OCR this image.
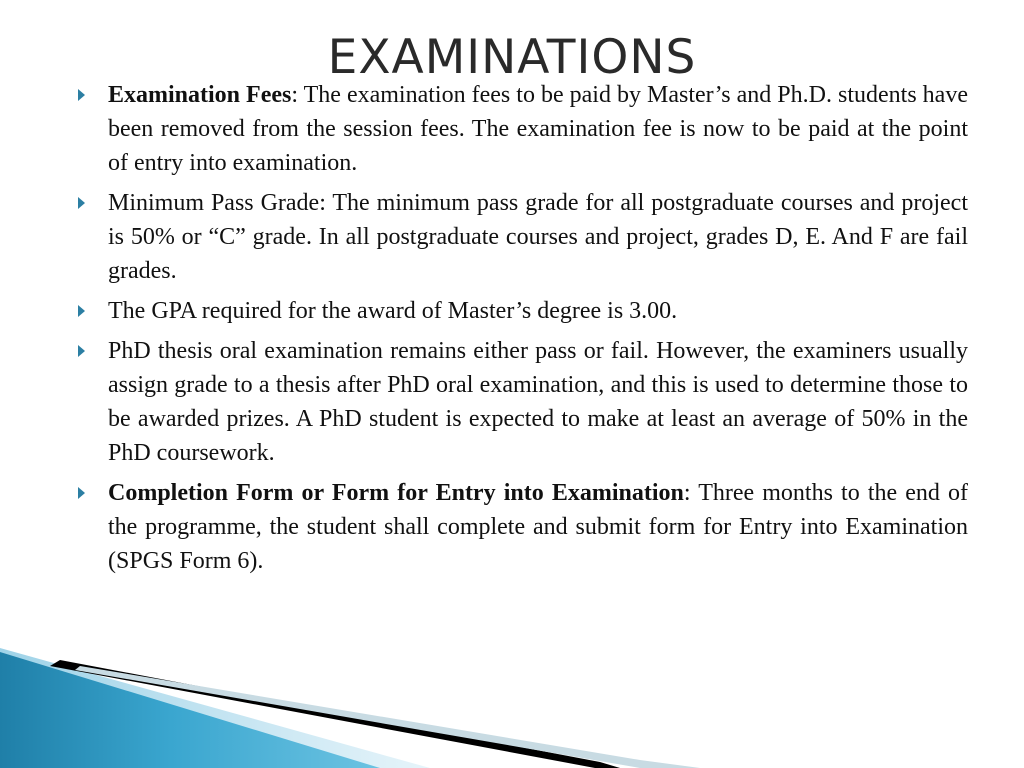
EXAMINATIONS
Examination Fees: The examination fees to be paid by Master’s and Ph.D. students have been removed from the session fees. The examination fee is now to be paid at the point of entry into examination.
Minimum Pass Grade: The minimum pass grade for all postgraduate courses and project is 50% or “C” grade. In all postgraduate courses and project, grades D, E. And F are fail grades.
The GPA required for the award of Master’s degree is 3.00.
PhD thesis oral examination remains either pass or fail. However, the examiners usually assign grade to a thesis after PhD oral examination, and this is used to determine those to be awarded prizes. A PhD student is expected to make at least an average of 50% in the PhD coursework.
Completion Form or Form for Entry into Examination: Three months to the end of the programme, the student shall complete and submit form for Entry into Examination (SPGS Form 6).
